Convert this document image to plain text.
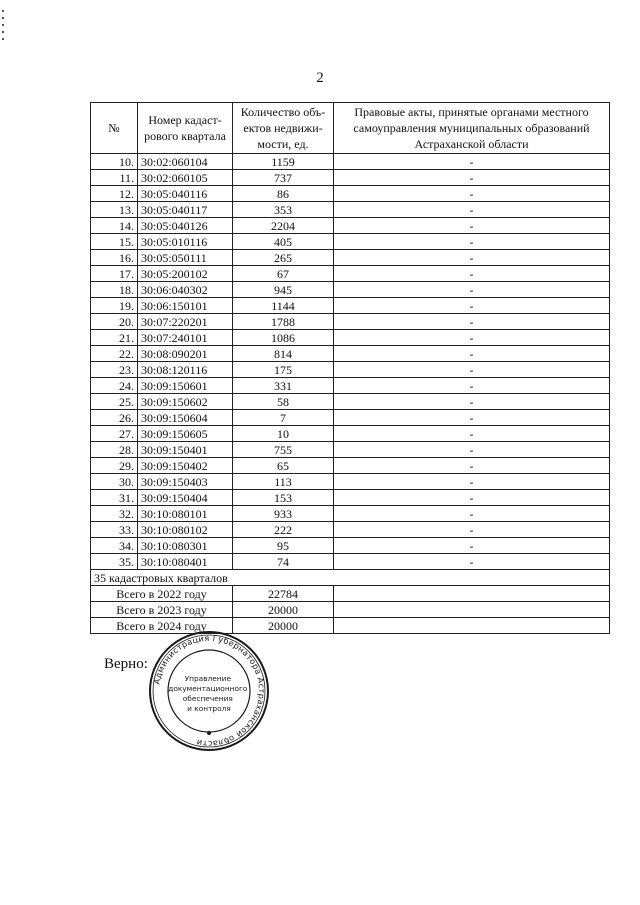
2
№	Номер кадаст- рового квартала	Количество объ-ектов недвижи-мости, ед.	Правовые акты, принятые органами местного самоуправления муниципальных образований Астраханской области
10.	30:02:060104	1159	-
11.	30:02:060105	737	-
12.	30:05:040116	86	-
13.	30:05:040117	353	-
14.	30:05:040126	2204	-
15.	30:05:010116	405	-
16.	30:05:050111	265	-
17.	30:05:200102	67	-
18.	30:06:040302	945	-
19.	30:06:150101	1144	-
20.	30:07:220201	1788	-
21.	30:07:240101	1086	-
22.	30:08:090201	814	-
23.	30:08:120116	175	-
24.	30:09:150601	331	-
25.	30:09:150602	58	-
26.	30:09:150604	7	-
27.	30:09:150605	10	-
28.	30:09:150401	755	-
29.	30:09:150402	65	-
30.	30:09:150403	113	-
31.	30:09:150404	153	-
32.	30:10:080101	933	-
33.	30:10:080102	222	-
34.	30:10:080301	95	-
35.	30:10:080401	74	-
35 кадастровых кварталов			
Всего в 2022 году		22784	
Всего в 2023 году		20000	
Всего в 2024 году		20000	
Верно:
Администрация Губернатора Астраханской области
Управление документационного обеспечения и контроля
